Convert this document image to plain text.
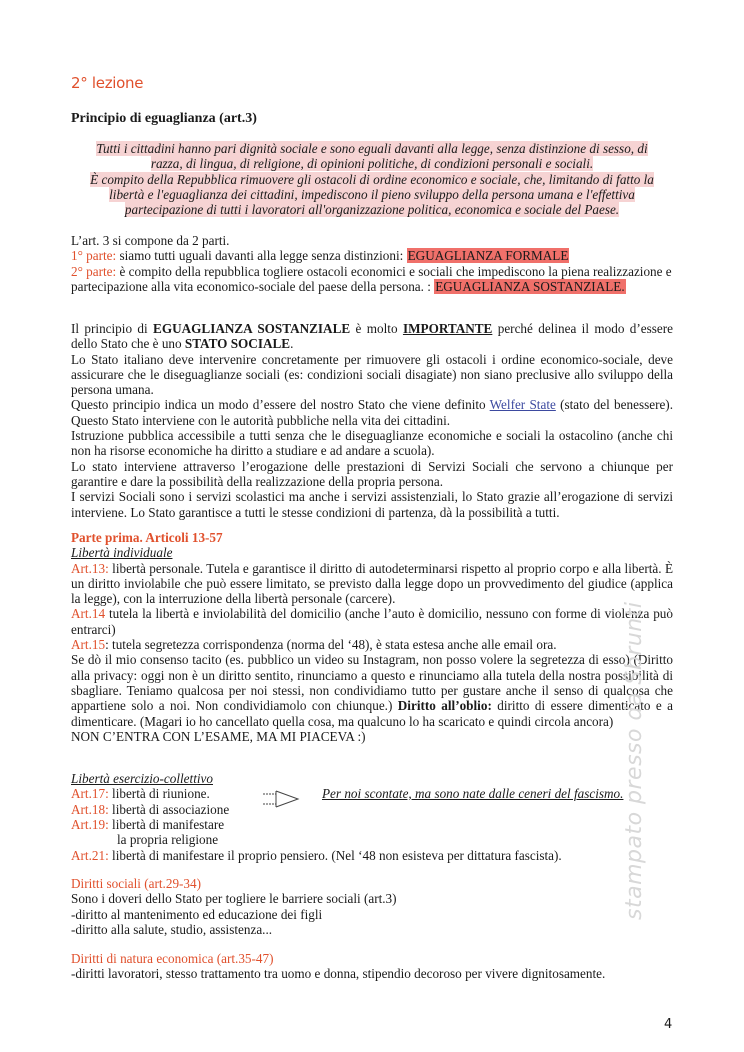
2° lezione
Principio di eguaglianza (art.3)
Tutti i cittadini hanno pari dignità sociale e sono eguali davanti alla legge, senza distinzione di sesso, di
razza, di lingua, di religione, di opinioni politiche, di condizioni personali e sociali.
È compito della Repubblica rimuovere gli ostacoli di ordine economico e sociale, che, limitando di fatto la
libertà e l'eguaglianza dei cittadini, impediscono il pieno sviluppo della persona umana e l'effettiva
partecipazione di tutti i lavoratori all'organizzazione politica, economica e sociale del Paese.

L’art. 3 si compone da 2 parti.

1° parte: siamo tutti uguali davanti alla legge senza distinzioni: EGUAGLIANZA FORMALE

2° parte: è compito della repubblica togliere ostacoli economici e sociali che impediscono la piena realizzazione e partecipazione alla vita economico-sociale del paese della persona. : EGUAGLIANZA SOSTANZIALE.

Il principio di EGUAGLIANZA SOSTANZIALE è molto IMPORTANTE perché delinea il modo d’essere dello Stato che è uno STATO SOCIALE.

Lo Stato italiano deve intervenire concretamente per rimuovere gli ostacoli i ordine economico-sociale, deve assicurare che le diseguaglianze sociali (es: condizioni sociali disagiate) non siano preclusive allo sviluppo della persona umana.

Questo principio indica un modo d’essere del nostro Stato che viene definito Welfer State (stato del benessere). Questo Stato interviene con le autorità pubbliche nella vita dei cittadini.

Istruzione pubblica accessibile a tutti senza che le diseguaglianze economiche e sociali la ostacolino (anche chi non ha risorse economiche ha diritto a studiare e ad andare a scuola).

Lo stato interviene attraverso l’erogazione delle prestazioni di Servizi Sociali che servono a chiunque per garantire e dare la possibilità della realizzazione della propria persona.

I servizi Sociali sono i servizi scolastici ma anche i servizi assistenziali, lo Stato grazie all’erogazione di servizi interviene. Lo Stato garantisce a tutti le stesse condizioni di partenza, dà la possibilità a tutti.

Parte prima. Articoli 13-57

Libertà individuale

Art.13: libertà personale. Tutela e garantisce il diritto di autodeterminarsi rispetto al proprio corpo e alla libertà. È un diritto inviolabile che può essere limitato, se previsto dalla legge dopo un provvedimento del giudice (applica la legge), con la interruzione della libertà personale (carcere).

Art.14 tutela la libertà e inviolabilità del domicilio (anche l’auto è domicilio, nessuno con forme di violenza può entrarci)

Art.15: tutela segretezza corrispondenza (norma del ‘48), è stata estesa anche alle email ora.

Se dò il mio consenso tacito (es. pubblico un video su Instagram, non posso volere la segretezza di esso) (Diritto alla privacy: oggi non è un diritto sentito, rinunciamo a questo e rinunciamo alla tutela della nostra possibilità di sbagliare. Teniamo qualcosa per noi stessi, non condividiamo tutto per gustare anche il senso di qualcosa che appartiene solo a noi. Non condividiamolo con chiunque.) Diritto all’oblio: diritto di essere dimenticato e a dimenticare. (Magari io ho cancellato quella cosa, ma qualcuno lo ha scaricato e quindi circola ancora)

NON C’ENTRA CON L’ESAME, MA MI PIACEVA :)

Libertà esercizio-collettivo

Art.17: libertà di riunione.

Art.18: libertà di associazione

Art.19: libertà di manifestare

la propria religione

Art.21: libertà di manifestare il proprio pensiero. (Nel ‘48 non esisteva per dittatura fascista).

Per noi scontate, ma sono nate dalle ceneri del fascismo.

Diritti sociali (art.29-34)

Sono i doveri dello Stato per togliere le barriere sociali (art.3)

-diritto al mantenimento ed educazione dei figli

-diritto alla salute, studio, assistenza...

Diritti di natura economica (art.35-47)

-diritti lavoratori, stesso trattamento tra uomo e donna, stipendio decoroso per vivere dignitosamente.

stampato presso da Sbrunti
4
